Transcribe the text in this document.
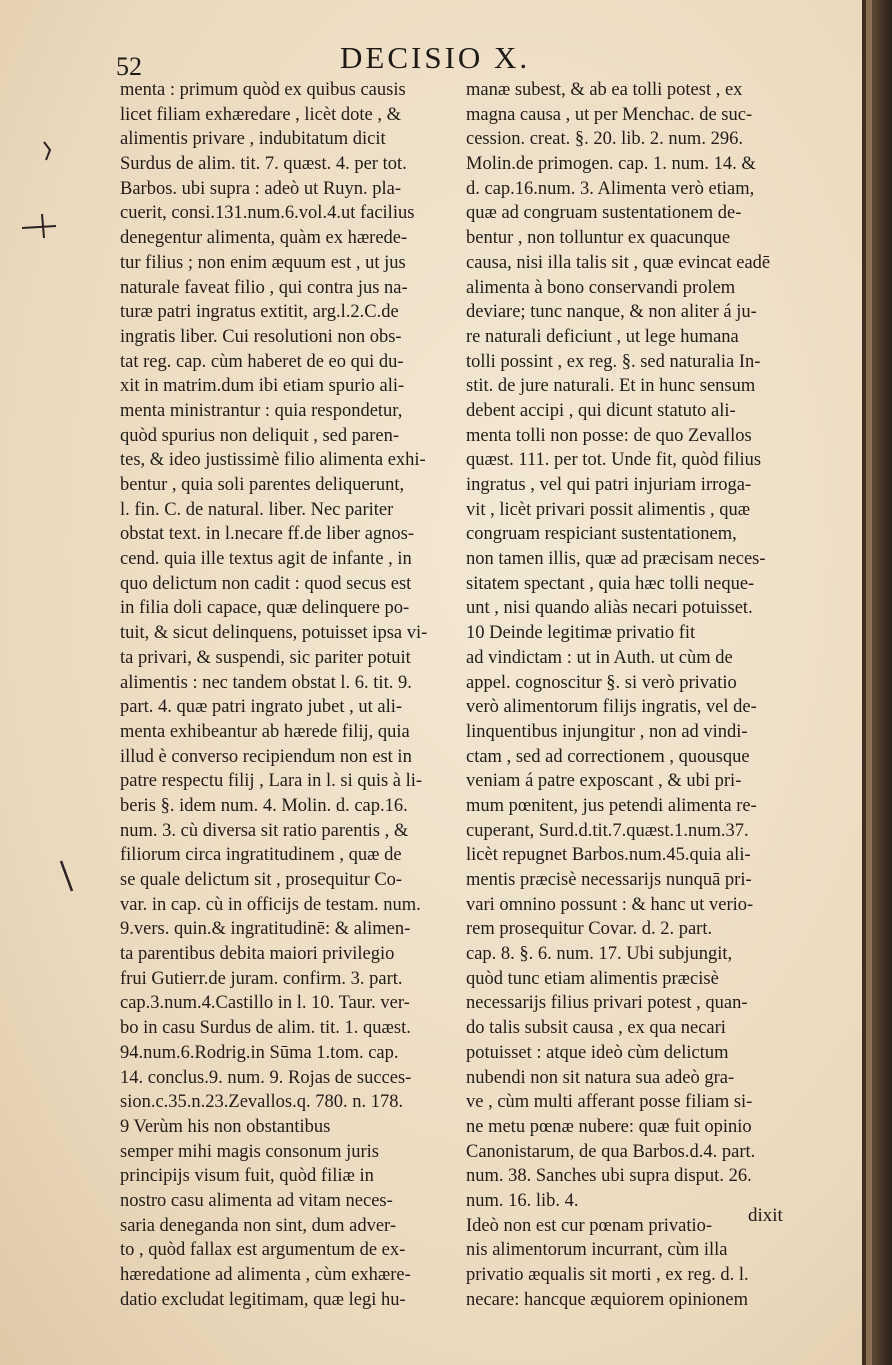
52	DECISIO X.
menta : primum quòd ex quibus causis
licet filiam exhæredare , licèt dote , &
alimentis privare , indubitatum dicit
Surdus de alim. tit. 7. quæst. 4. per tot.
Barbos. ubi supra : adeò ut Ruyn. pla-
cuerit, consi.131.num.6.vol.4.ut facilius
denegentur alimenta, quàm ex hærede-
tur filius ; non enim æquum est , ut jus
naturale faveat filio , qui contra jus na-
turæ patri ingratus extitit, arg.l.2.C.de
ingratis liber. Cui resolutioni non obs-
tat reg. cap. cùm haberet de eo qui du-
xit in matrim.dum ibi etiam spurio ali-
menta ministrantur : quia respondetur,
quòd spurius non deliquit , sed paren-
tes, & ideo justissimè filio alimenta exhi-
bentur , quia soli parentes deliquerunt,
l. fin. C. de natural. liber. Nec pariter
obstat text. in l.necare ff.de liber agnos-
cend. quia ille textus agit de infante , in
quo delictum non cadit : quod secus est
in filia doli capace, quæ delinquere po-
tuit, & sicut delinquens, potuisset ipsa vi-
ta privari, & suspendi, sic pariter potuit
alimentis : nec tandem obstat l. 6. tit. 9.
part. 4. quæ patri ingrato jubet , ut ali-
menta exhibeantur ab hærede filij, quia
illud è converso recipiendum non est in
patre respectu filij , Lara in l. si quis à li-
beris §. idem num. 4. Molin. d. cap.16.
num. 3. cù diversa sit ratio parentis , &
filiorum circa ingratitudinem , quæ de
se quale delictum sit , prosequitur Co-
var. in cap. cù in officijs de testam. num.
9.vers. quin.& ingratitudinē: & alimen-
ta parentibus debita maiori privilegio
frui Gutierr.de juram. confirm. 3. part.
cap.3.num.4.Castillo in l. 10. Taur. ver-
bo in casu Surdus de alim. tit. 1. quæst.
94.num.6.Rodrig.in Sūma 1.tom. cap.
14. conclus.9. num. 9. Rojas de succes-
sion.c.35.n.23.Zevallos.q. 780. n. 178.
9 Verùm his non obstantibus
semper mihi magis consonum juris
principijs visum fuit, quòd filiæ in
nostro casu alimenta ad vitam neces-
saria deneganda non sint, dum adver-
to , quòd fallax est argumentum de ex-
hæredatione ad alimenta , cùm exhære-
datio excludat legitimam, quæ legi hu-
manæ subest, & ab ea tolli potest , ex
magna causa , ut per Menchac. de suc-
cession. creat. §. 20. lib. 2. num. 296.
Molin.de primogen. cap. 1. num. 14. &
d. cap.16.num. 3. Alimenta verò etiam,
quæ ad congruam sustentationem de-
bentur , non tolluntur ex quacunque
causa, nisi illa talis sit , quæ evincat eadē
alimenta à bono conservandi prolem
deviare; tunc nanque, & non aliter á ju-
re naturali deficiunt , ut lege humana
tolli possint , ex reg. §. sed naturalia In-
stit. de jure naturali. Et in hunc sensum
debent accipi , qui dicunt statuto ali-
menta tolli non posse: de quo Zevallos
quæst. 111. per tot. Unde fit, quòd filius
ingratus , vel qui patri injuriam irroga-
vit , licèt privari possit alimentis , quæ
congruam respiciant sustentationem,
non tamen illis, quæ ad præcisam neces-
sitatem spectant , quia hæc tolli neque-
unt , nisi quando aliàs necari potuisset.
10 Deinde legitimæ privatio fit
ad vindictam : ut in Auth. ut cùm de
appel. cognoscitur §. si verò privatio
verò alimentorum filijs ingratis, vel de-
linquentibus injungitur , non ad vindi-
ctam , sed ad correctionem , quousque
veniam á patre exposcant , & ubi pri-
mum pœnitent, jus petendi alimenta re-
cuperant, Surd.d.tit.7.quæst.1.num.37.
licèt repugnet Barbos.num.45.quia ali-
mentis præcisè necessarijs nunquā pri-
vari omnino possunt : & hanc ut verio-
rem prosequitur Covar. d. 2. part.
cap. 8. §. 6. num. 17. Ubi subjungit,
quòd tunc etiam alimentis præcisè
necessarijs filius privari potest , quan-
do talis subsit causa , ex qua necari
potuisset : atque ideò cùm delictum
nubendi non sit natura sua adeò gra-
ve , cùm multi afferant posse filiam si-
ne metu pœnæ nubere: quæ fuit opinio
Canonistarum, de qua Barbos.d.4. part.
num. 38. Sanches ubi supra disput. 26.
num. 16. lib. 4.
Ideò non est cur pœnam privatio-
nis alimentorum incurrant, cùm illa
privatio æqualis sit morti , ex reg. d. l.
necare: hancque æquiorem opinionem
dixit
